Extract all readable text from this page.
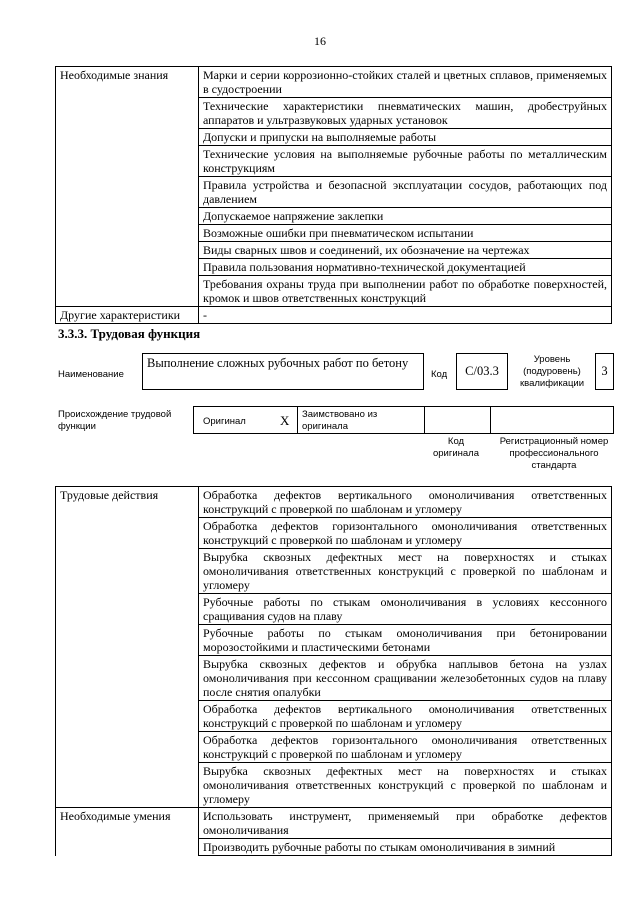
16
Необходимые знания	Марки и серии коррозионно-стойких сталей и цветных сплавов, применяемых в судостроении
	Технические характеристики пневматических машин, дробеструйных аппаратов и ультразвуковых ударных установок
	Допуски и припуски на выполняемые работы
	Технические условия на выполняемые рубочные работы по металлическим конструкциям
	Правила устройства и безопасной эксплуатации сосудов, работающих под давлением
	Допускаемое напряжение заклепки
	Возможные ошибки при пневматическом испытании
	Виды сварных швов и соединений, их обозначение на чертежах
	Правила пользования нормативно-технической документацией
	Требования охраны труда при выполнении работ по обработке поверхностей, кромок и швов ответственных конструкций
Другие характеристики	-
3.3.3. Трудовая функция
Наименование
Выполнение сложных рубочных работ по бетону
Код	С/03.3
Уровень (подуровень) квалификации
3
Происхождение трудовой функции	Оригинал	X Заимствовано из оригинала
Код оригинала
Регистрационный номер профессионального стандарта
Трудовые действия	Обработка дефектов вертикального омоноличивания ответственных конструкций с проверкой по шаблонам и угломеру
	Обработка дефектов горизонтального омоноличивания ответственных конструкций с проверкой по шаблонам и угломеру
	Вырубка сквозных дефектных мест на поверхностях и стыках омоноличивания ответственных конструкций с проверкой по шаблонам и угломеру
	Рубочные работы по стыкам омоноличивания в условиях кессонного сращивания судов на плаву
	Рубочные работы по стыкам омоноличивания при бетонировании морозостойкими и пластическими бетонами
	Вырубка сквозных дефектов и обрубка наплывов бетона на узлах омоноличивания при кессонном сращивании железобетонных судов на плаву после снятия опалубки
	Обработка дефектов вертикального омоноличивания ответственных конструкций с проверкой по шаблонам и угломеру
	Обработка дефектов горизонтального омоноличивания ответственных конструкций с проверкой по шаблонам и угломеру
	Вырубка сквозных дефектных мест на поверхностях и стыках омоноличивания ответственных конструкций с проверкой по шаблонам и угломеру
Необходимые умения	Использовать инструмент, применяемый при обработке дефектов омоноличивания
	Производить рубочные работы по стыкам омоноличивания в зимний
